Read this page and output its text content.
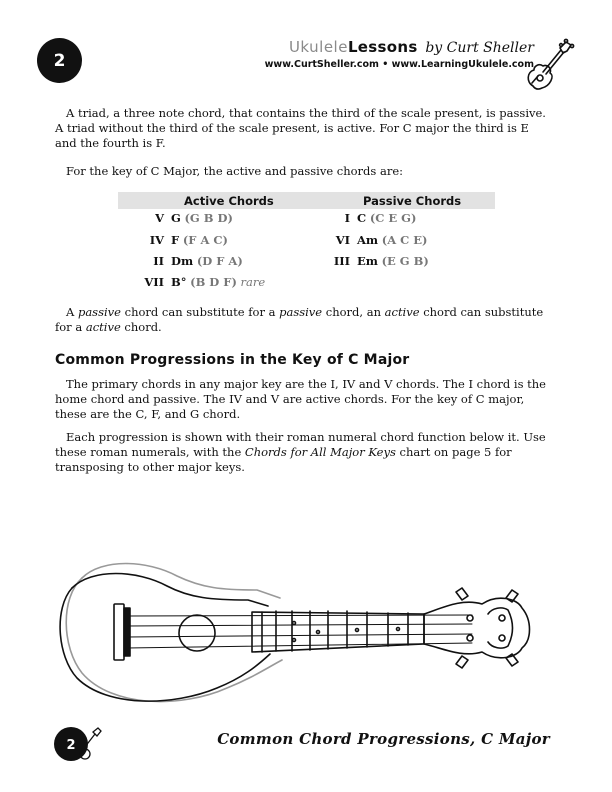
2
UkuleleLessons by Curt Sheller
www.CurtSheller.com • www.LearningUkulele.com

A triad, a three note chord, that contains the third of the scale present, is passive. A triad without the third of the scale present, is active. For C major the third is E and the fourth is F.

For the key of C Major, the active and passive chords are:

Active Chords	Passive Chords
V G (G B D)
IV F (F A C)
II Dm (D F A)
VII B° (B D F) rare
I C (C E G)
VI Am (A C E)
III Em (E G B)

A passive chord can substitute for a passive chord, an active chord can substitute for a active chord.

Common Progressions in the Key of C Major

The primary chords in any major key are the I, IV and V chords. The I chord is the home chord and passive. The IV and V are active chords. For the key of C major, these are the C, F, and G chord.

Each progression is shown with their roman numeral chord function below it. Use these roman numerals, with the Chords for All Major Keys chart on page 5 for transposing to other major keys.

2	Common Chord Progressions, C Major
